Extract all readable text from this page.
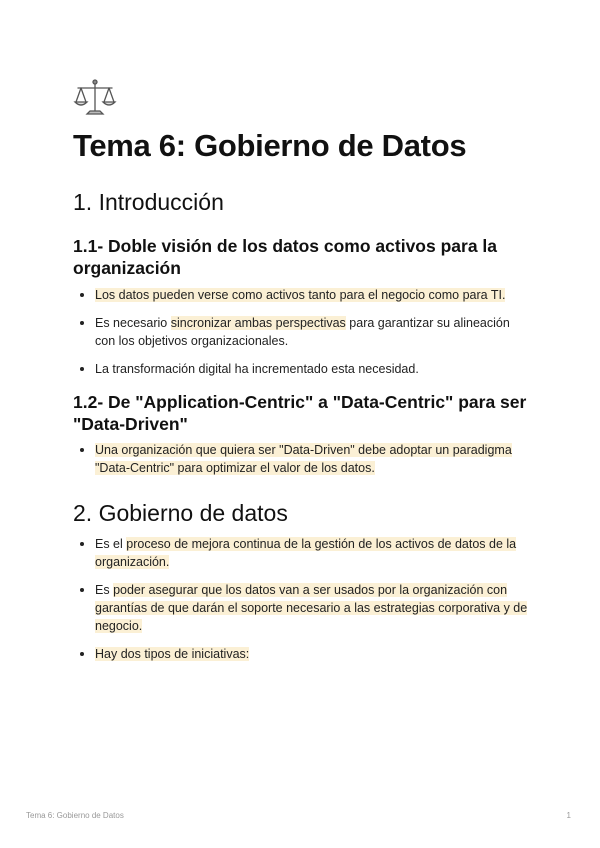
Tema 6: Gobierno de Datos
1. Introducción
1.1- Doble visión de los datos como activos para la organización
Los datos pueden verse como activos tanto para el negocio como para TI.
Es necesario sincronizar ambas perspectivas para garantizar su alineación con los objetivos organizacionales.
La transformación digital ha incrementado esta necesidad.
1.2- De "Application-Centric" a "Data-Centric" para ser "Data-Driven"
Una organización que quiera ser "Data-Driven" debe adoptar un paradigma "Data-Centric" para optimizar el valor de los datos.
2. Gobierno de datos
Es el proceso de mejora continua de la gestión de los activos de datos de la organización.
Es poder asegurar que los datos van a ser usados por la organización con garantías de que darán el soporte necesario a las estrategias corporativa y de negocio.
Hay dos tipos de iniciativas:
Tema 6: Gobierno de Datos	1
